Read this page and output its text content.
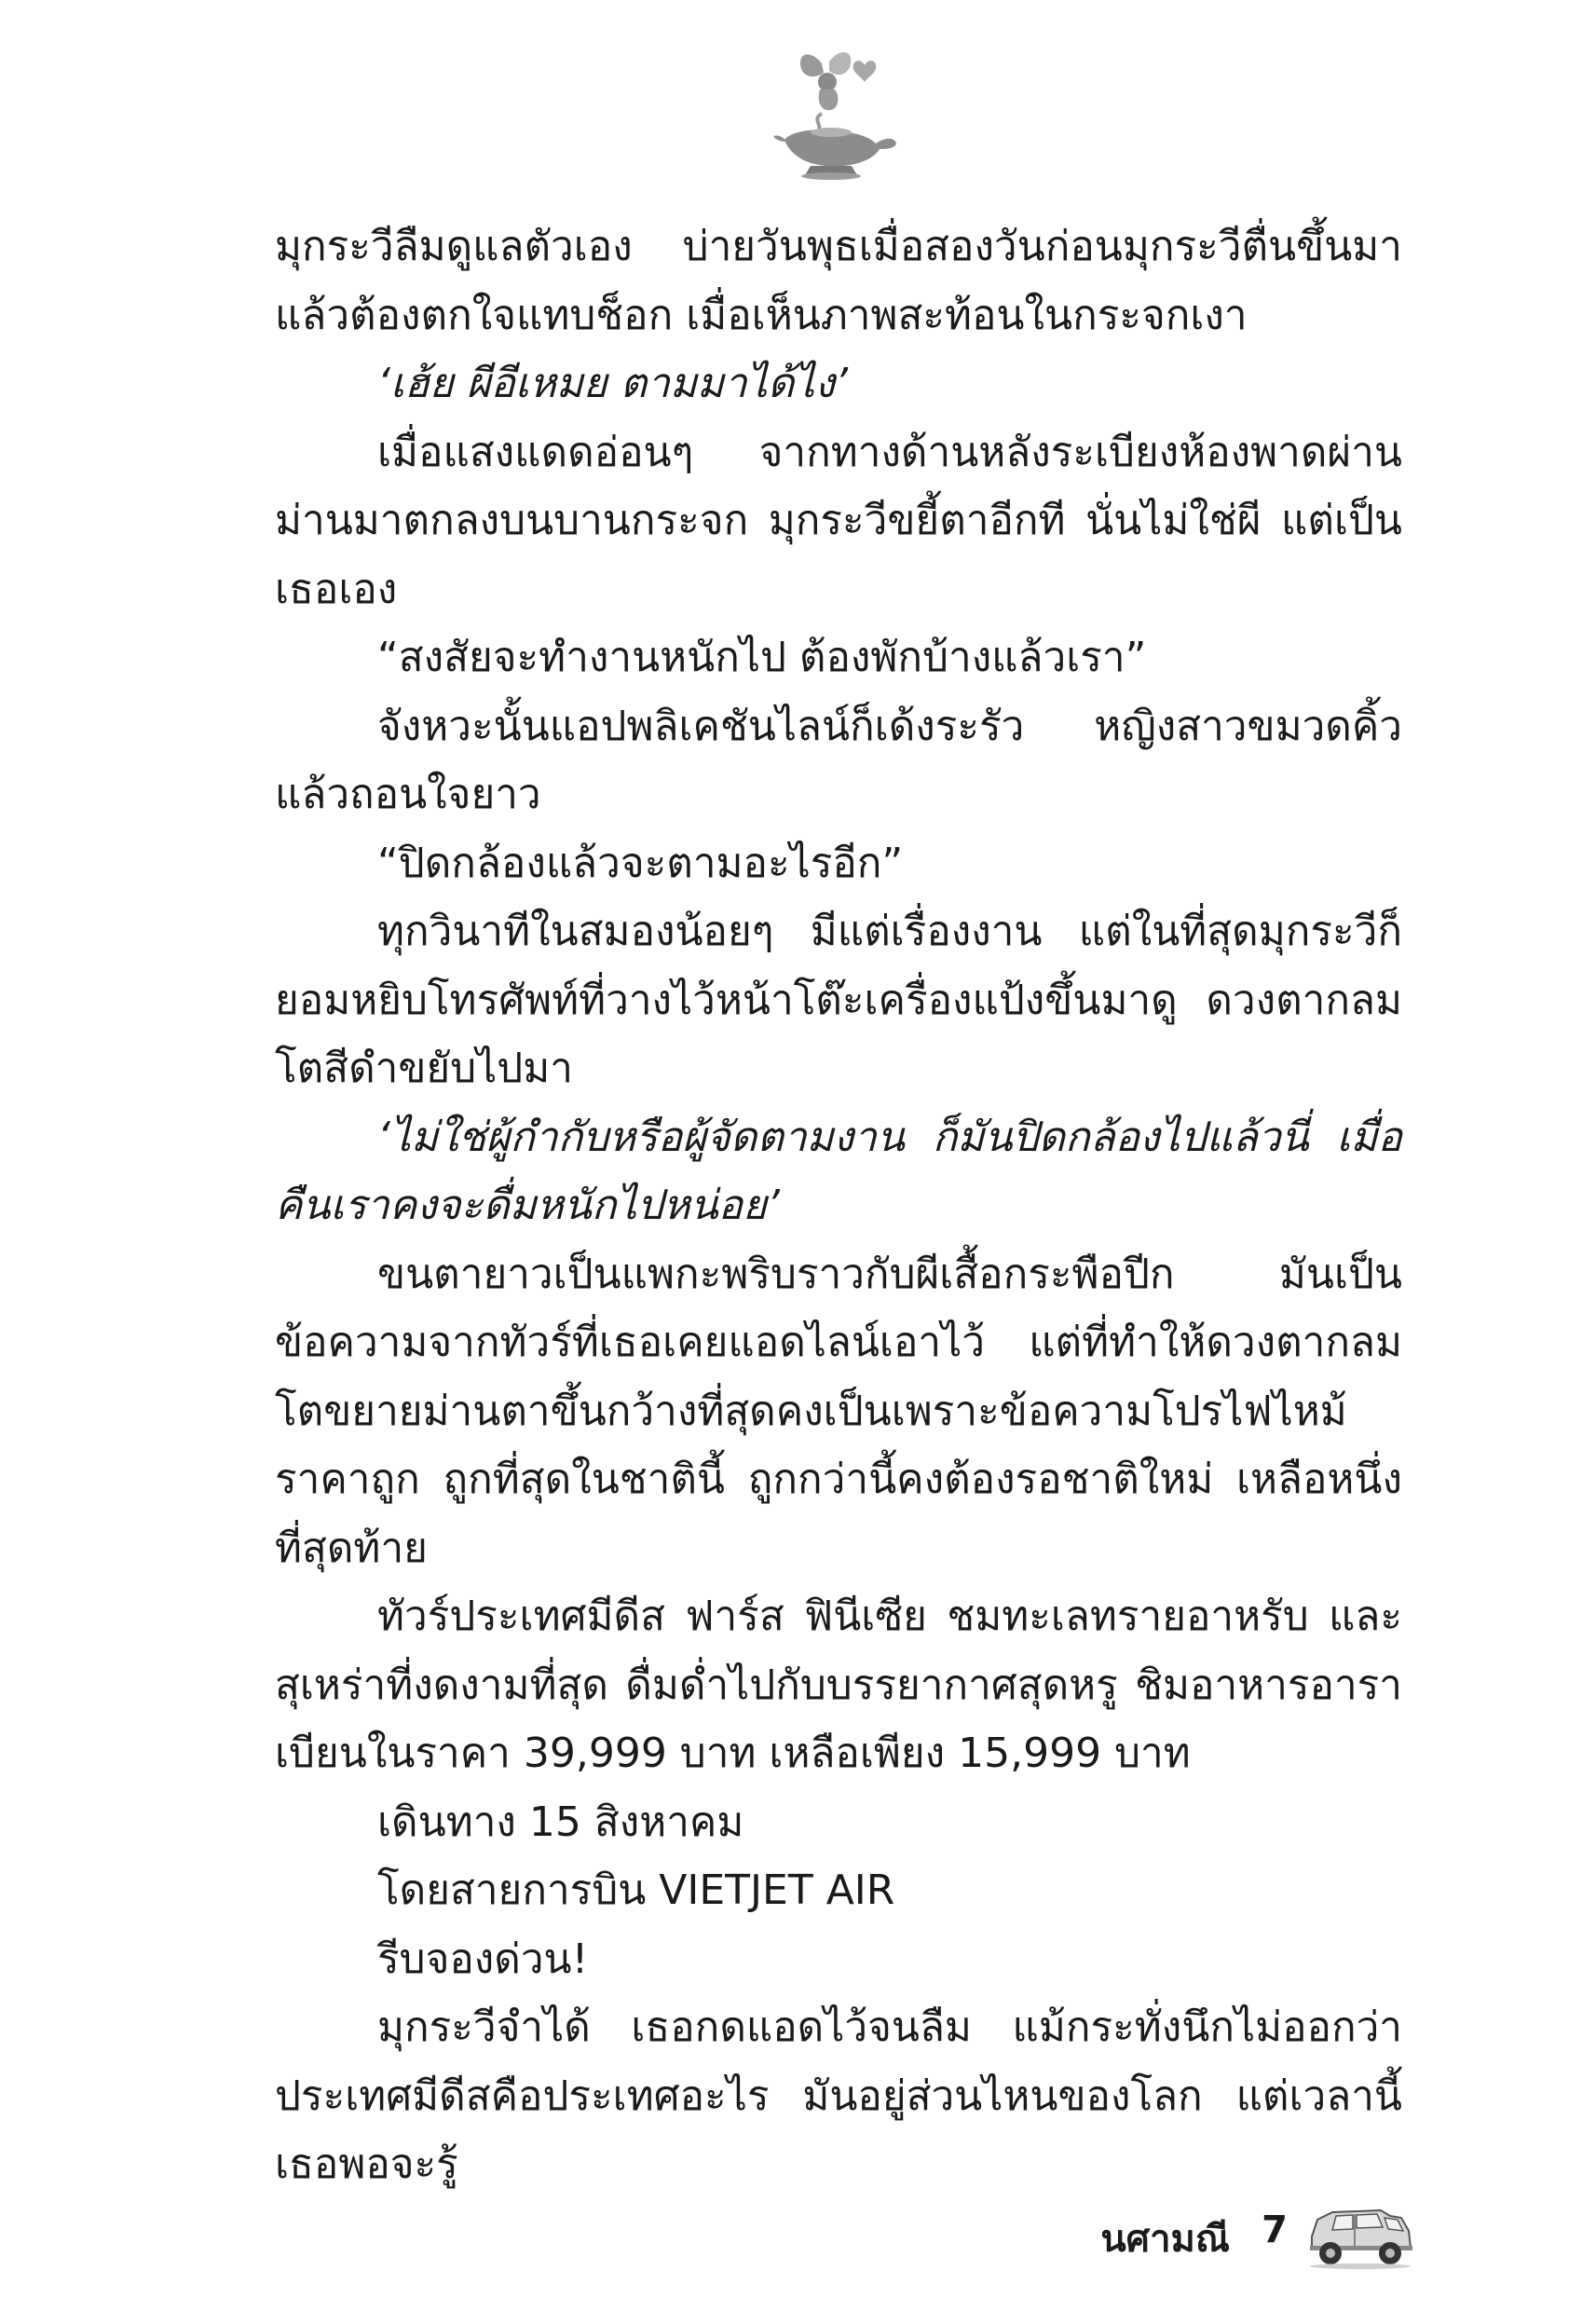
มุกระวีลืมดูแลตัวเอง บ่ายวันพุธเมื่อสองวันก่อนมุกระวีตื่นขึ้นมาแล้วต้องตกใจแทบช็อก เมื่อเห็นภาพสะท้อนในกระจกเงา

‘เฮ้ย ผีอีเหมย ตามมาได้ไง’

เมื่อแสงแดดอ่อนๆ จากทางด้านหลังระเบียงห้องพาดผ่านม่านมาตกลงบนบานกระจก มุกระวีขยี้ตาอีกที นั่นไม่ใช่ผี แต่เป็นเธอเอง

“สงสัยจะทำงานหนักไป ต้องพักบ้างแล้วเรา”

จังหวะนั้นแอปพลิเคชันไลน์ก็เด้งระรัว หญิงสาวขมวดคิ้วแล้วถอนใจยาว

“ปิดกล้องแล้วจะตามอะไรอีก”

ทุกวินาทีในสมองน้อยๆ มีแต่เรื่องงาน แต่ในที่สุดมุกระวีก็ยอมหยิบโทรศัพท์ที่วางไว้หน้าโต๊ะเครื่องแป้งขึ้นมาดู ดวงตากลมโตสีดำขยับไปมา

‘ไม่ใช่ผู้กำกับหรือผู้จัดตามงาน ก็มันปิดกล้องไปแล้วนี่ เมื่อคืนเราคงจะดื่มหนักไปหน่อย’

ขนตายาวเป็นแพกะพริบราวกับผีเสื้อกระพือปีก มันเป็นข้อความจากทัวร์ที่เธอเคยแอดไลน์เอาไว้ แต่ที่ทำให้ดวงตากลมโตขยายม่านตาขึ้นกว้างที่สุดคงเป็นเพราะข้อความโปรไฟไหม้ราคาถูก ถูกที่สุดในชาตินี้ ถูกกว่านี้คงต้องรอชาติใหม่ เหลือหนึ่งที่สุดท้าย

ทัวร์ประเทศมีดีส ฟาร์ส ฟินีเซีย ชมทะเลทรายอาหรับ และสุเหร่าที่งดงามที่สุด ดื่มด่ำไปกับบรรยากาศสุดหรู ชิมอาหารอาราเบียนในราคา 39,999 บาท เหลือเพียง 15,999 บาท

เดินทาง 15 สิงหาคม

โดยสายการบิน VIETJET AIR

รีบจองด่วน!

มุกระวีจำได้ เธอกดแอดไว้จนลืม แม้กระทั่งนึกไม่ออกว่าประเทศมีดีสคือประเทศอะไร มันอยู่ส่วนไหนของโลก แต่เวลานี้เธอพอจะรู้

นศามณี 7
